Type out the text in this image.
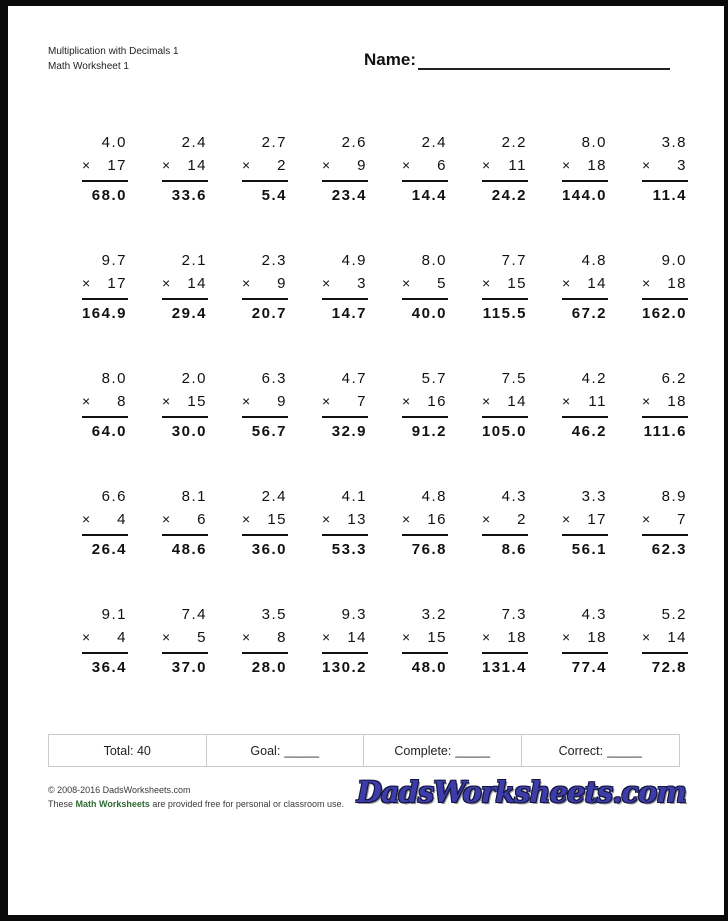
Multiplication with Decimals 1
Math Worksheet 1	Name:
4.0
× 17
68.0
2.4
× 14
33.6
2.7
× 2
5.4
2.6
× 9
23.4
2.4
× 6
14.4
2.2
× 11
24.2
8.0
× 18
144.0
3.8
× 3
11.4
9.7
× 17
164.9
2.1
× 14
29.4
2.3
× 9
20.7
4.9
× 3
14.7
8.0
× 5
40.0
7.7
× 15
115.5
4.8
× 14
67.2
9.0
× 18
162.0
8.0
× 8
64.0
2.0
× 15
30.0
6.3
× 9
56.7
4.7
× 7
32.9
5.7
× 16
91.2
7.5
× 14
105.0
4.2
× 11
46.2
6.2
× 18
111.6
6.6
× 4
26.4
8.1
× 6
48.6
2.4
× 15
36.0
4.1
× 13
53.3
4.8
× 16
76.8
4.3
× 2
8.6
3.3
× 17
56.1
8.9
× 7
62.3
9.1
× 4
36.4
7.4
× 5
37.0
3.5
× 8
28.0
9.3
× 14
130.2
3.2
× 15
48.0
7.3
× 18
131.4
4.3
× 18
77.4
5.2
× 14
72.8
Total: 40	Goal: _____	Complete: _____	Correct: _____
© 2008-2016 DadsWorksheets.com
These Math Worksheets are provided free for personal or classroom use. DadsWorksheets.com
